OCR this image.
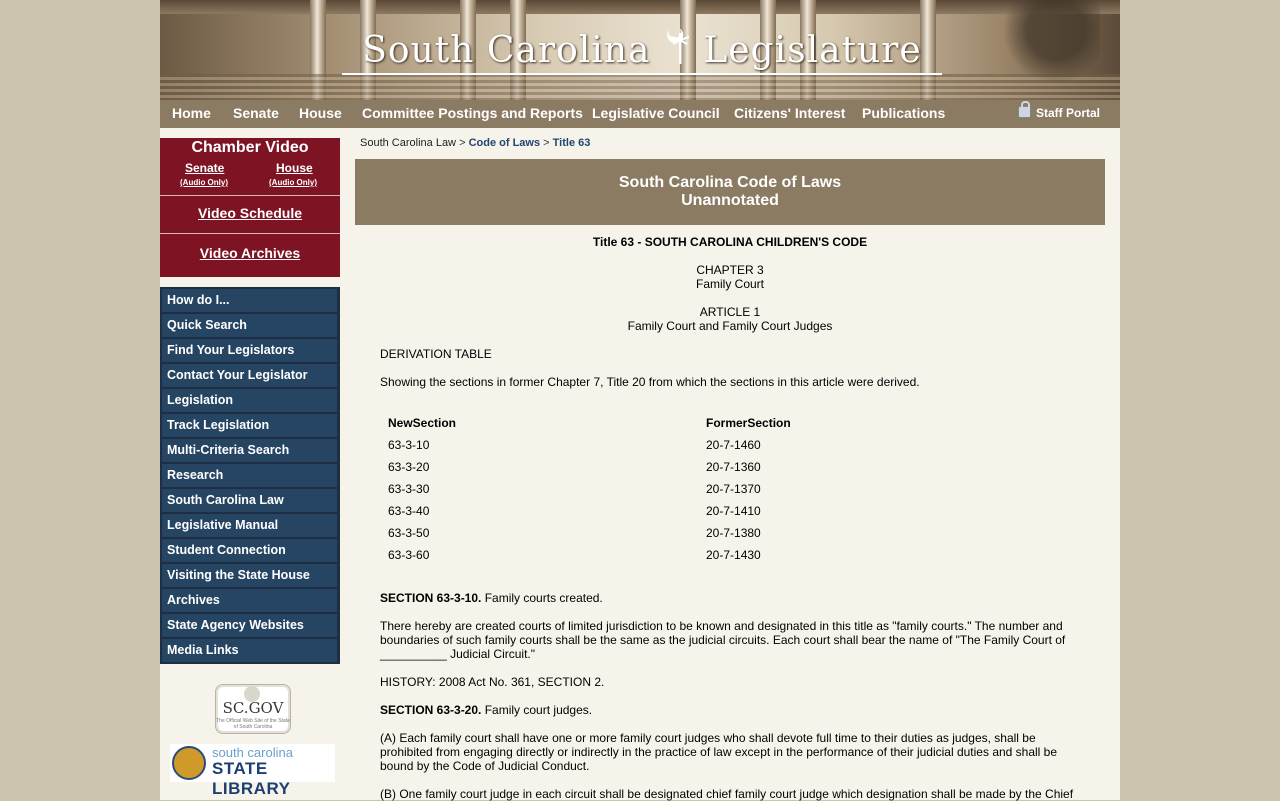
South Carolina Legislature
Home Senate House Committee Postings and Reports Legislative Council Citizens' Interest Publications	Staff Portal
Chamber Video
Senate
(Audio Only)
House
(Audio Only)
Video Schedule
Video Archives
How do I...
Quick Search
Find Your Legislators
Contact Your Legislator
Legislation
Track Legislation
Multi-Criteria Search
Research
South Carolina Law
Legislative Manual
Student Connection
Visiting the State House
Archives
State Agency Websites
Media Links
SC.GOV
The Official Web Site of the State of South Carolina
south carolina
STATE LIBRARY
South Carolina Law > Code of Laws > Title 63
South Carolina Code of Laws
Unannotated
Title 63 - SOUTH CAROLINA CHILDREN'S CODE
CHAPTER 3
Family Court
ARTICLE 1
Family Court and Family Court Judges
DERIVATION TABLE
Showing the sections in former Chapter 7, Title 20 from which the sections in this article were derived.
NewSection	FormerSection
63-3-10	20-7-1460
63-3-20	20-7-1360
63-3-30	20-7-1370
63-3-40	20-7-1410
63-3-50	20-7-1380
63-3-60	20-7-1430
SECTION 63-3-10. Family courts created.
There hereby are created courts of limited jurisdiction to be known and designated in this title as "family courts." The number and boundaries of such family courts shall be the same as the judicial circuits. Each court shall bear the name of "The Family Court of __________ Judicial Circuit."
HISTORY: 2008 Act No. 361, SECTION 2.
SECTION 63-3-20. Family court judges.
(A) Each family court shall have one or more family court judges who shall devote full time to their duties as judges, shall be prohibited from engaging directly or indirectly in the practice of law except in the performance of their judicial duties and shall be bound by the Code of Judicial Conduct.
(B) One family court judge in each circuit shall be designated chief family court judge which designation shall be made by the Chief
